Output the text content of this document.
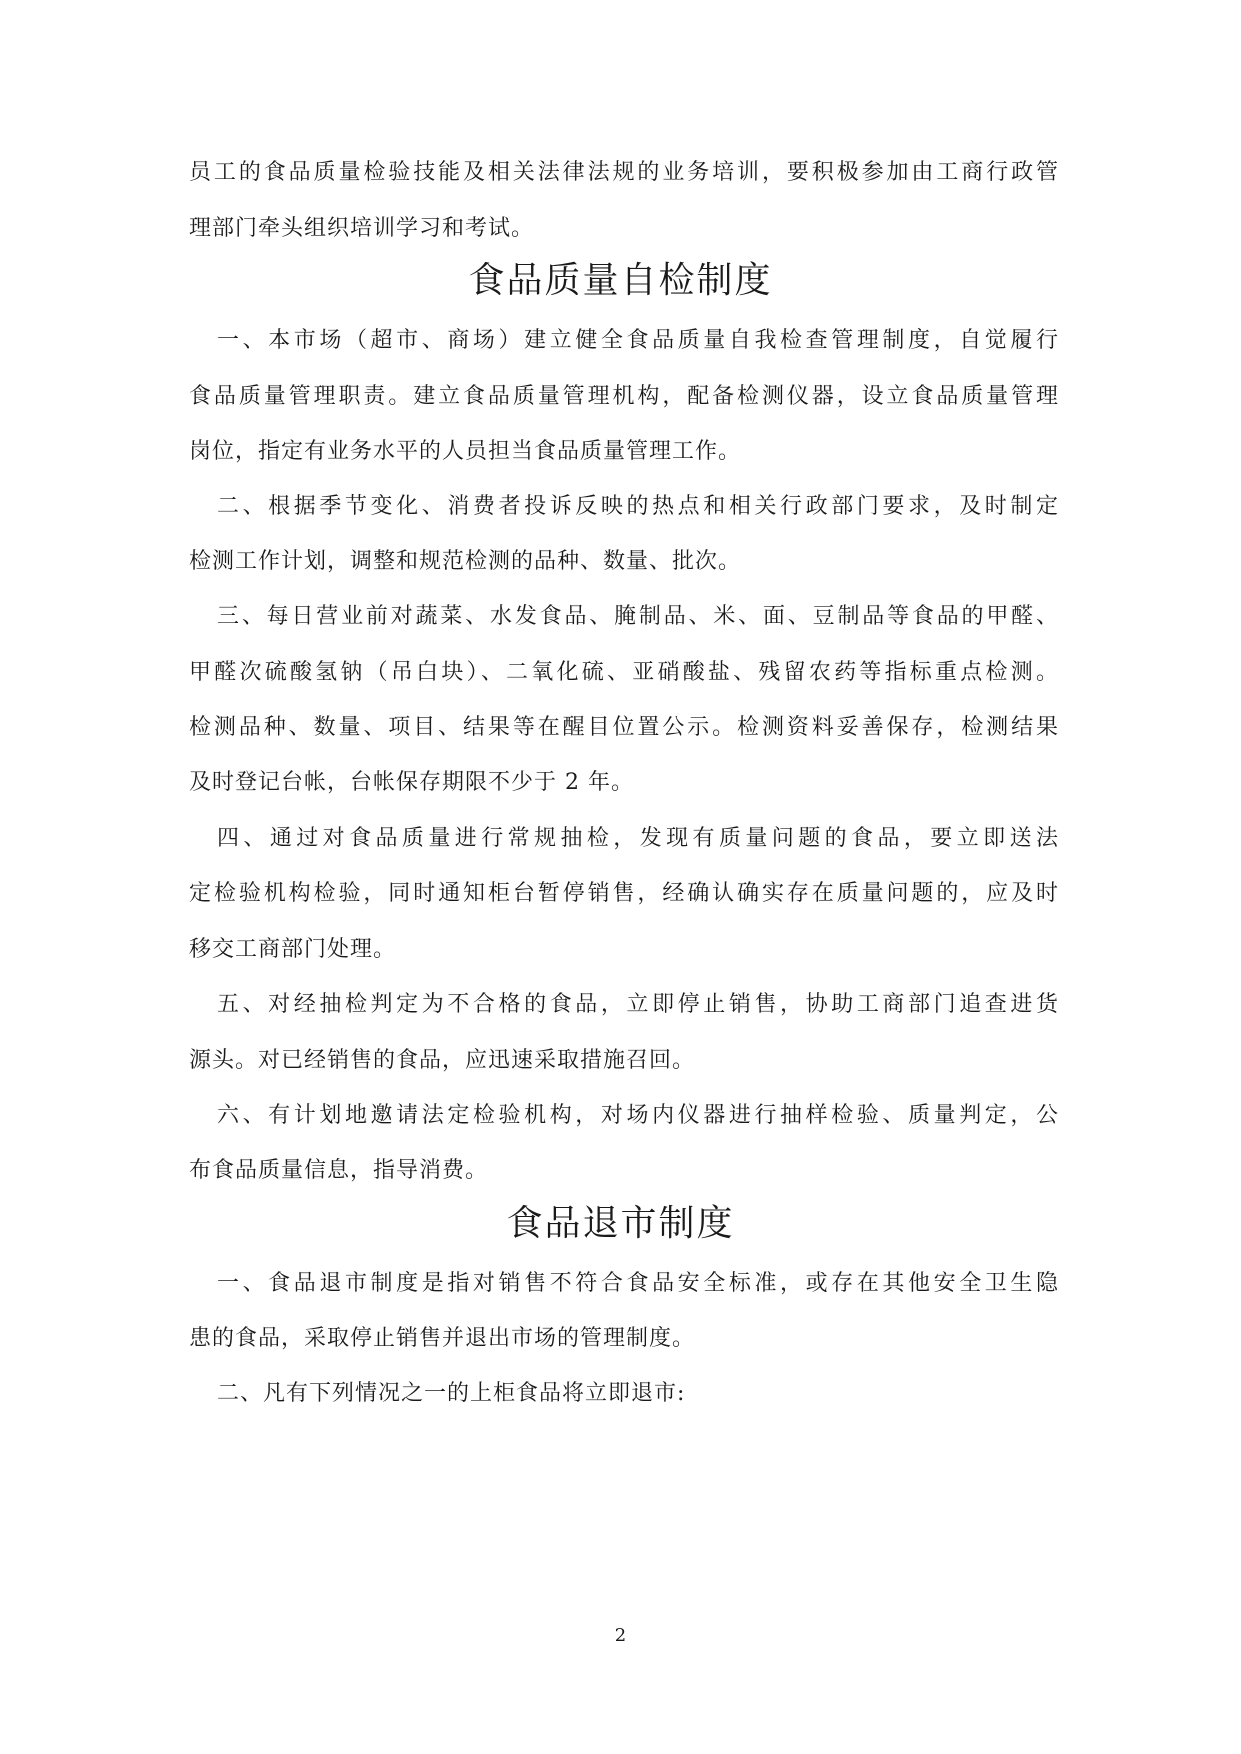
员工的食品质量检验技能及相关法律法规的业务培训，要积极参加由工商行政管
理部门牵头组织培训学习和考试。
食品质量自检制度
一、本市场（超市、商场）建立健全食品质量自我检查管理制度，自觉履行
食品质量管理职责。建立食品质量管理机构，配备检测仪器，设立食品质量管理
岗位，指定有业务水平的人员担当食品质量管理工作。
二、根据季节变化、消费者投诉反映的热点和相关行政部门要求，及时制定
检测工作计划，调整和规范检测的品种、数量、批次。
三、每日营业前对蔬菜、水发食品、腌制品、米、面、豆制品等食品的甲醛、
甲醛次硫酸氢钠（吊白块）、二氧化硫、亚硝酸盐、残留农药等指标重点检测。
检测品种、数量、项目、结果等在醒目位置公示。检测资料妥善保存，检测结果
及时登记台帐，台帐保存期限不少于 2 年。
四、通过对食品质量进行常规抽检，发现有质量问题的食品，要立即送法
定检验机构检验，同时通知柜台暂停销售，经确认确实存在质量问题的，应及时
移交工商部门处理。
五、对经抽检判定为不合格的食品，立即停止销售，协助工商部门追查进货
源头。对已经销售的食品，应迅速采取措施召回。
六、有计划地邀请法定检验机构，对场内仪器进行抽样检验、质量判定，公
布食品质量信息，指导消费。
食品退市制度
一、食品退市制度是指对销售不符合食品安全标准，或存在其他安全卫生隐
患的食品，采取停止销售并退出市场的管理制度。
二、凡有下列情况之一的上柜食品将立即退市:
2
